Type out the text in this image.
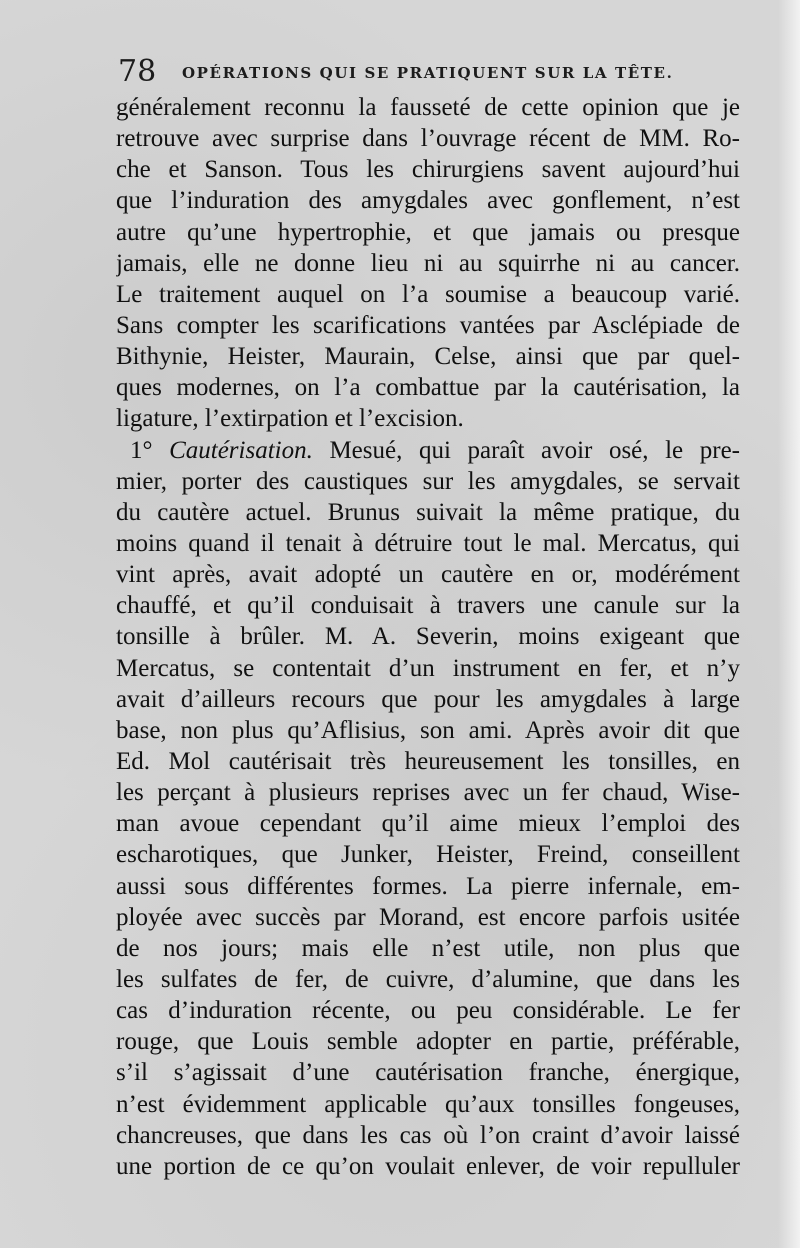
78 OPÉRATIONS QUI SE PRATIQUENT SUR LA TÊTE.
généralement reconnu la fausseté de cette opinion que je
retrouve avec surprise dans l’ouvrage récent de MM. Ro-
che et Sanson. Tous les chirurgiens savent aujourd’hui
que l’induration des amygdales avec gonflement, n’est
autre qu’une hypertrophie, et que jamais ou presque
jamais, elle ne donne lieu ni au squirrhe ni au cancer.
Le traitement auquel on l’a soumise a beaucoup varié.
Sans compter les scarifications vantées par Asclépiade de
Bithynie, Heister, Maurain, Celse, ainsi que par quel-
ques modernes, on l’a combattue par la cautérisation, la
ligature, l’extirpation et l’excision.
1° Cautérisation. Mesué, qui paraît avoir osé, le pre-
mier, porter des caustiques sur les amygdales, se servait
du cautère actuel. Brunus suivait la même pratique, du
moins quand il tenait à détruire tout le mal. Mercatus, qui
vint après, avait adopté un cautère en or, modérément
chauffé, et qu’il conduisait à travers une canule sur la
tonsille à brûler. M. A. Severin, moins exigeant que
Mercatus, se contentait d’un instrument en fer, et n’y
avait d’ailleurs recours que pour les amygdales à large
base, non plus qu’Aflisius, son ami. Après avoir dit que
Ed. Mol cautérisait très heureusement les tonsilles, en
les perçant à plusieurs reprises avec un fer chaud, Wise-
man avoue cependant qu’il aime mieux l’emploi des
escharotiques, que Junker, Heister, Freind, conseillent
aussi sous différentes formes. La pierre infernale, em-
ployée avec succès par Morand, est encore parfois usitée
de nos jours; mais elle n’est utile, non plus que
les sulfates de fer, de cuivre, d’alumine, que dans les
cas d’induration récente, ou peu considérable. Le fer
rouge, que Louis semble adopter en partie, préférable,
s’il s’agissait d’une cautérisation franche, énergique,
n’est évidemment applicable qu’aux tonsilles fongeuses,
chancreuses, que dans les cas où l’on craint d’avoir laissé
une portion de ce qu’on voulait enlever, de voir repulluler
